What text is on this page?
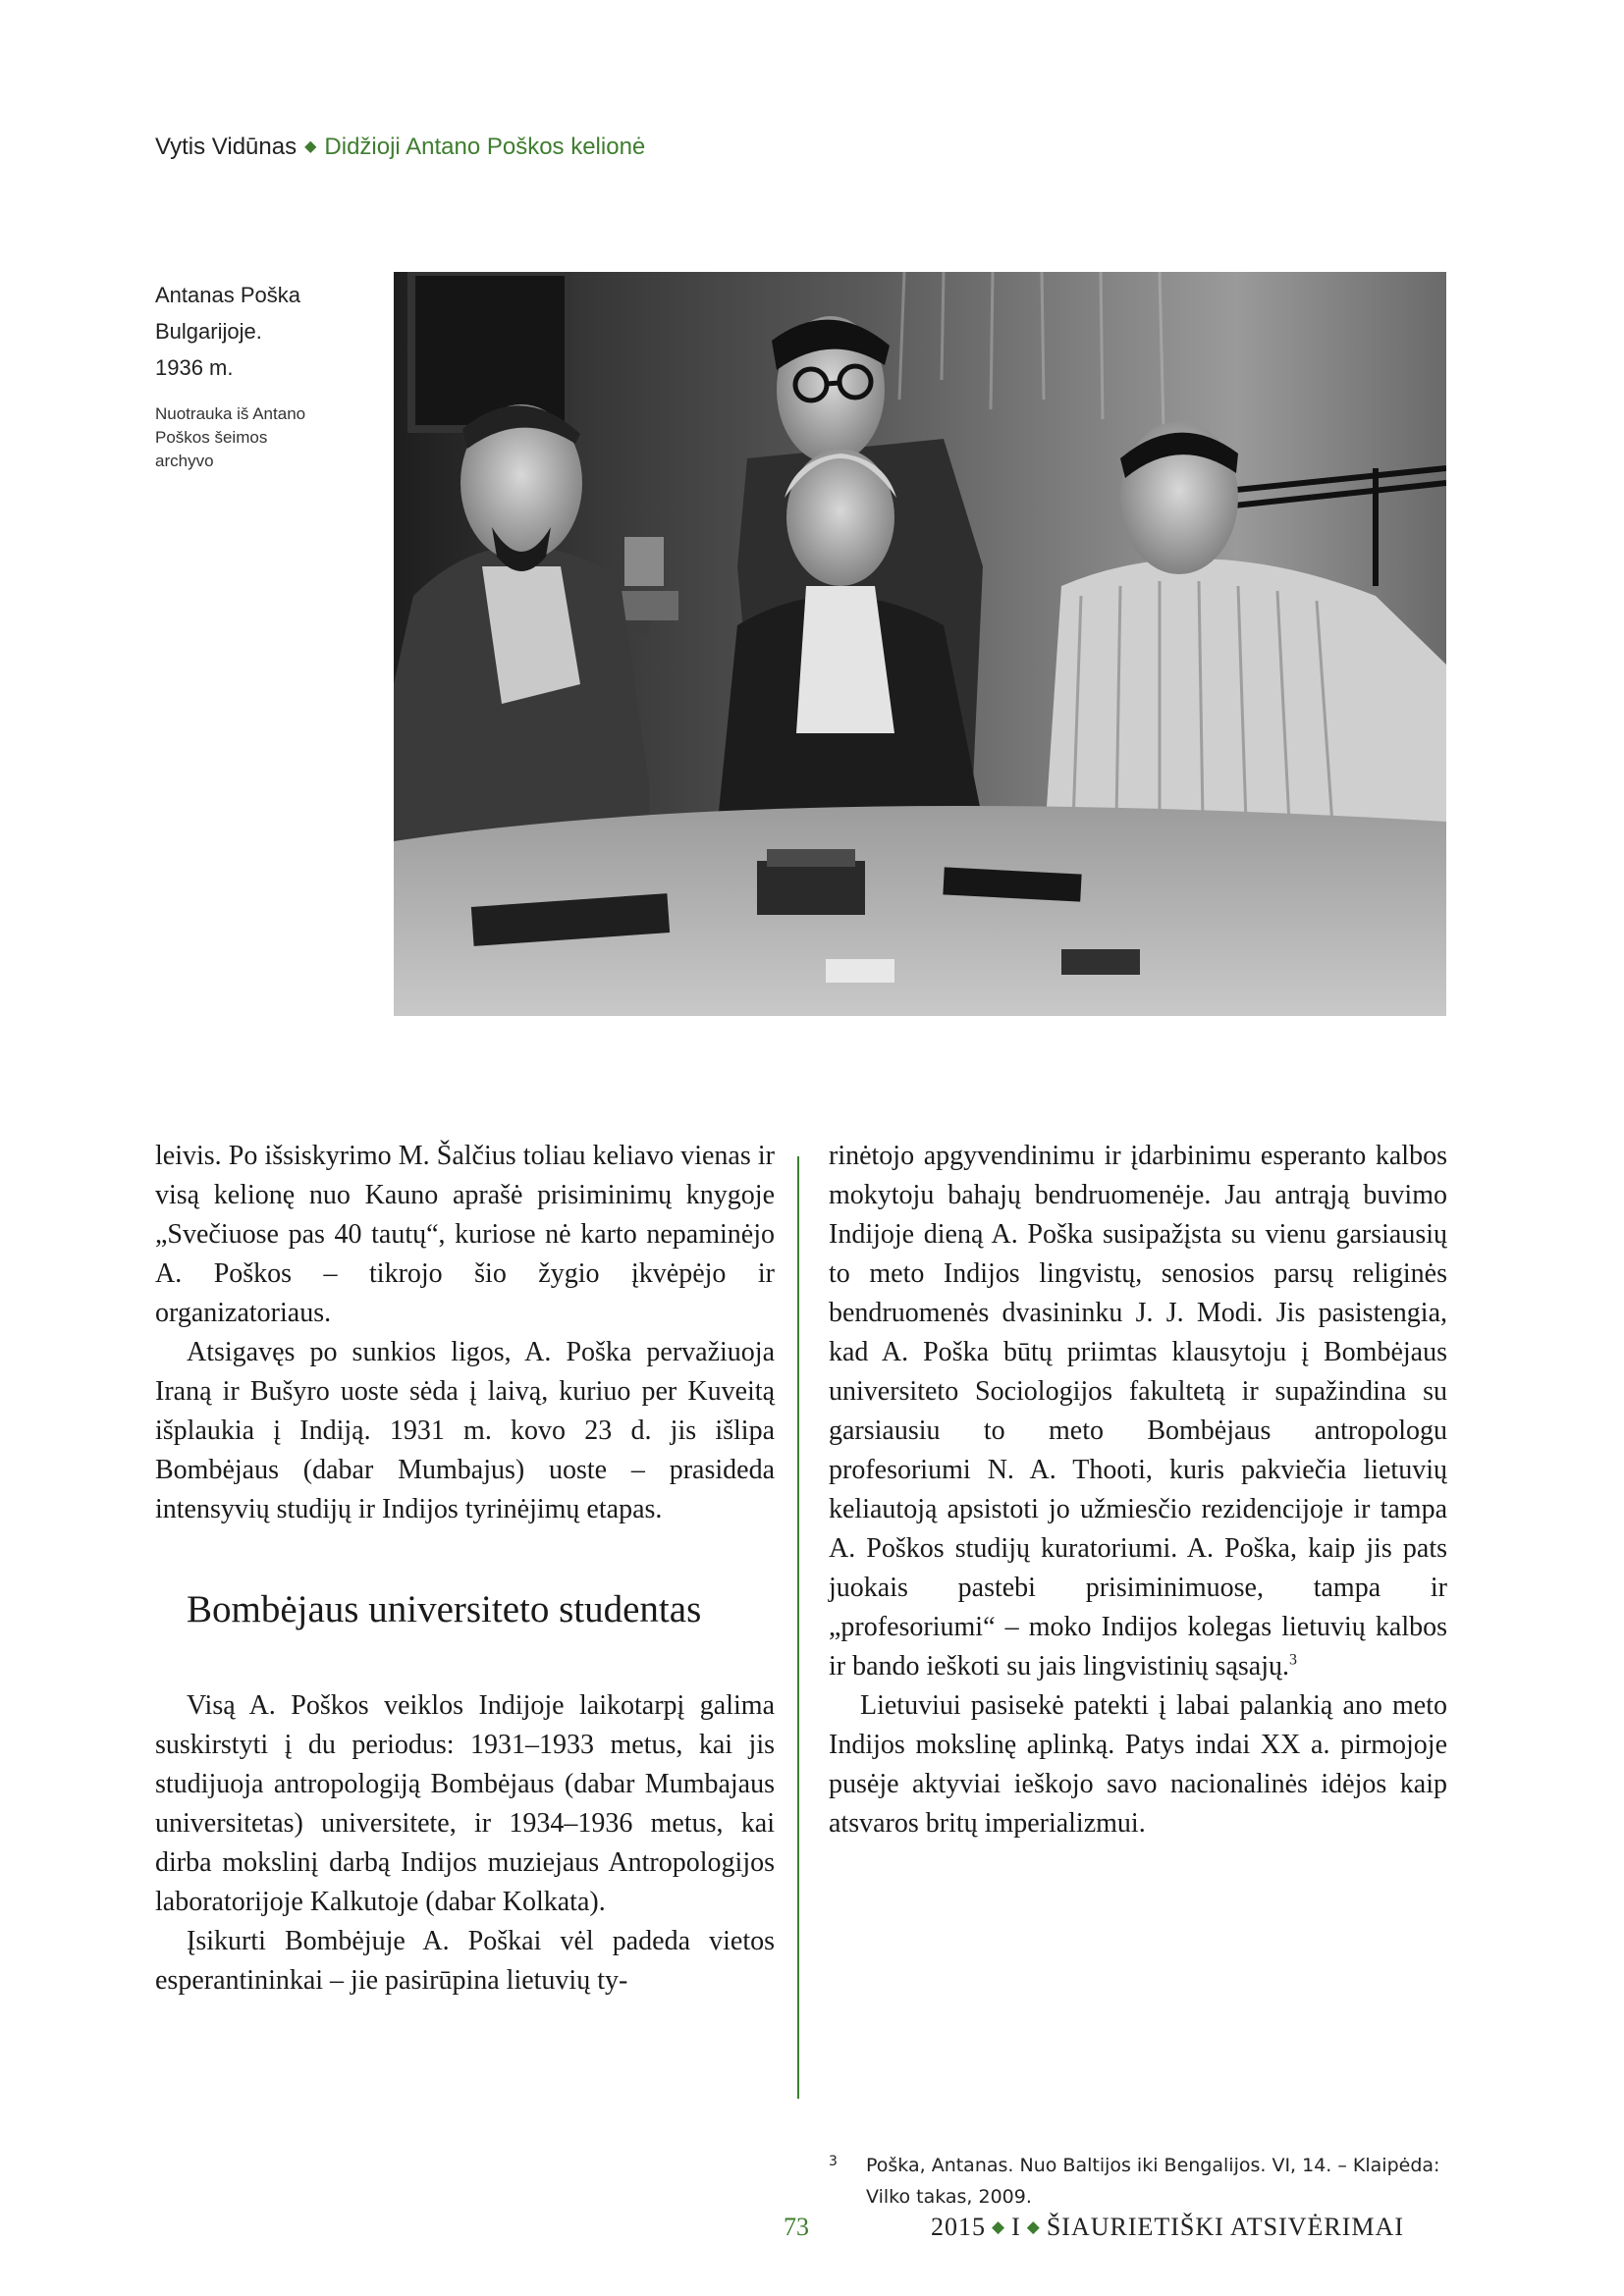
Vytis Vidūnas ◆ Didžioji Antano Poškos kelionė
Antanas Poška
Bulgarijoje.
1936 m.
Nuotrauka iš Antano
Poškos šeimos
archyvo

leivis. Po išsiskyrimo M. Šalčius toliau keliavo vienas ir visą kelionę nuo Kauno aprašė prisiminimų knygoje „Svečiuose pas 40 tautų“, kuriose nė karto nepaminėjo A. Poškos – tikrojo šio žygio įkvėpėjo ir organizatoriaus.

Atsigavęs po sunkios ligos, A. Poška pervažiuoja Iraną ir Bušyro uoste sėda į laivą, kuriuo per Kuveitą išplaukia į Indiją. 1931 m. kovo 23 d. jis išlipa Bombėjaus (dabar Mumbajus) uoste – prasideda intensyvių studijų ir Indijos tyrinėjimų etapas.

Bombėjaus universiteto studentas

Visą A. Poškos veiklos Indijoje laikotarpį galima suskirstyti į du periodus: 1931–1933 metus, kai jis studijuoja antropologiją Bombėjaus (dabar Mumbajaus universitetas) universitete, ir 1934–1936 metus, kai dirba mokslinį darbą Indijos muziejaus Antropologijos laboratorijoje Kalkutoje (dabar Kolkata).

Įsikurti Bombėjuje A. Poškai vėl padeda vietos esperantininkai – jie pasirūpina lietuvių ty-

rinėtojo apgyvendinimu ir įdarbinimu esperanto kalbos mokytoju bahajų bendruomenėje. Jau antrąją buvimo Indijoje dieną A. Poška susipažįsta su vienu garsiausių to meto Indijos lingvistų, senosios parsų religinės bendruomenės dvasininku J. J. Modi. Jis pasistengia, kad A. Poška būtų priimtas klausytoju į Bombėjaus universiteto Sociologijos fakultetą ir supažindina su garsiausiu to meto Bombėjaus antropologu profesoriumi N. A. Thooti, kuris pakviečia lietuvių keliautoją apsistoti jo užmiesčio rezidencijoje ir tampa A. Poškos studijų kuratoriumi. A. Poška, kaip jis pats juokais pastebi prisiminimuose, tampa ir „profesoriumi“ – moko Indijos kolegas lietuvių kalbos ir bando ieškoti su jais lingvistinių sąsajų.$^3$

Lietuviui pasisekė patekti į labai palankią ano meto Indijos mokslinę aplinką. Patys indai XX a. pirmojoje pusėje aktyviai ieškojo savo nacionalinės idėjos kaip atsvaros britų imperializmui.

3 Poška, Antanas. Nuo Baltijos iki Bengalijos. VI, 14. – Klaipėda: Vilko takas, 2009.
73	2015 ◆ I ◆ ŠIAURIETIŠKI ATSIVĖRIMAI
